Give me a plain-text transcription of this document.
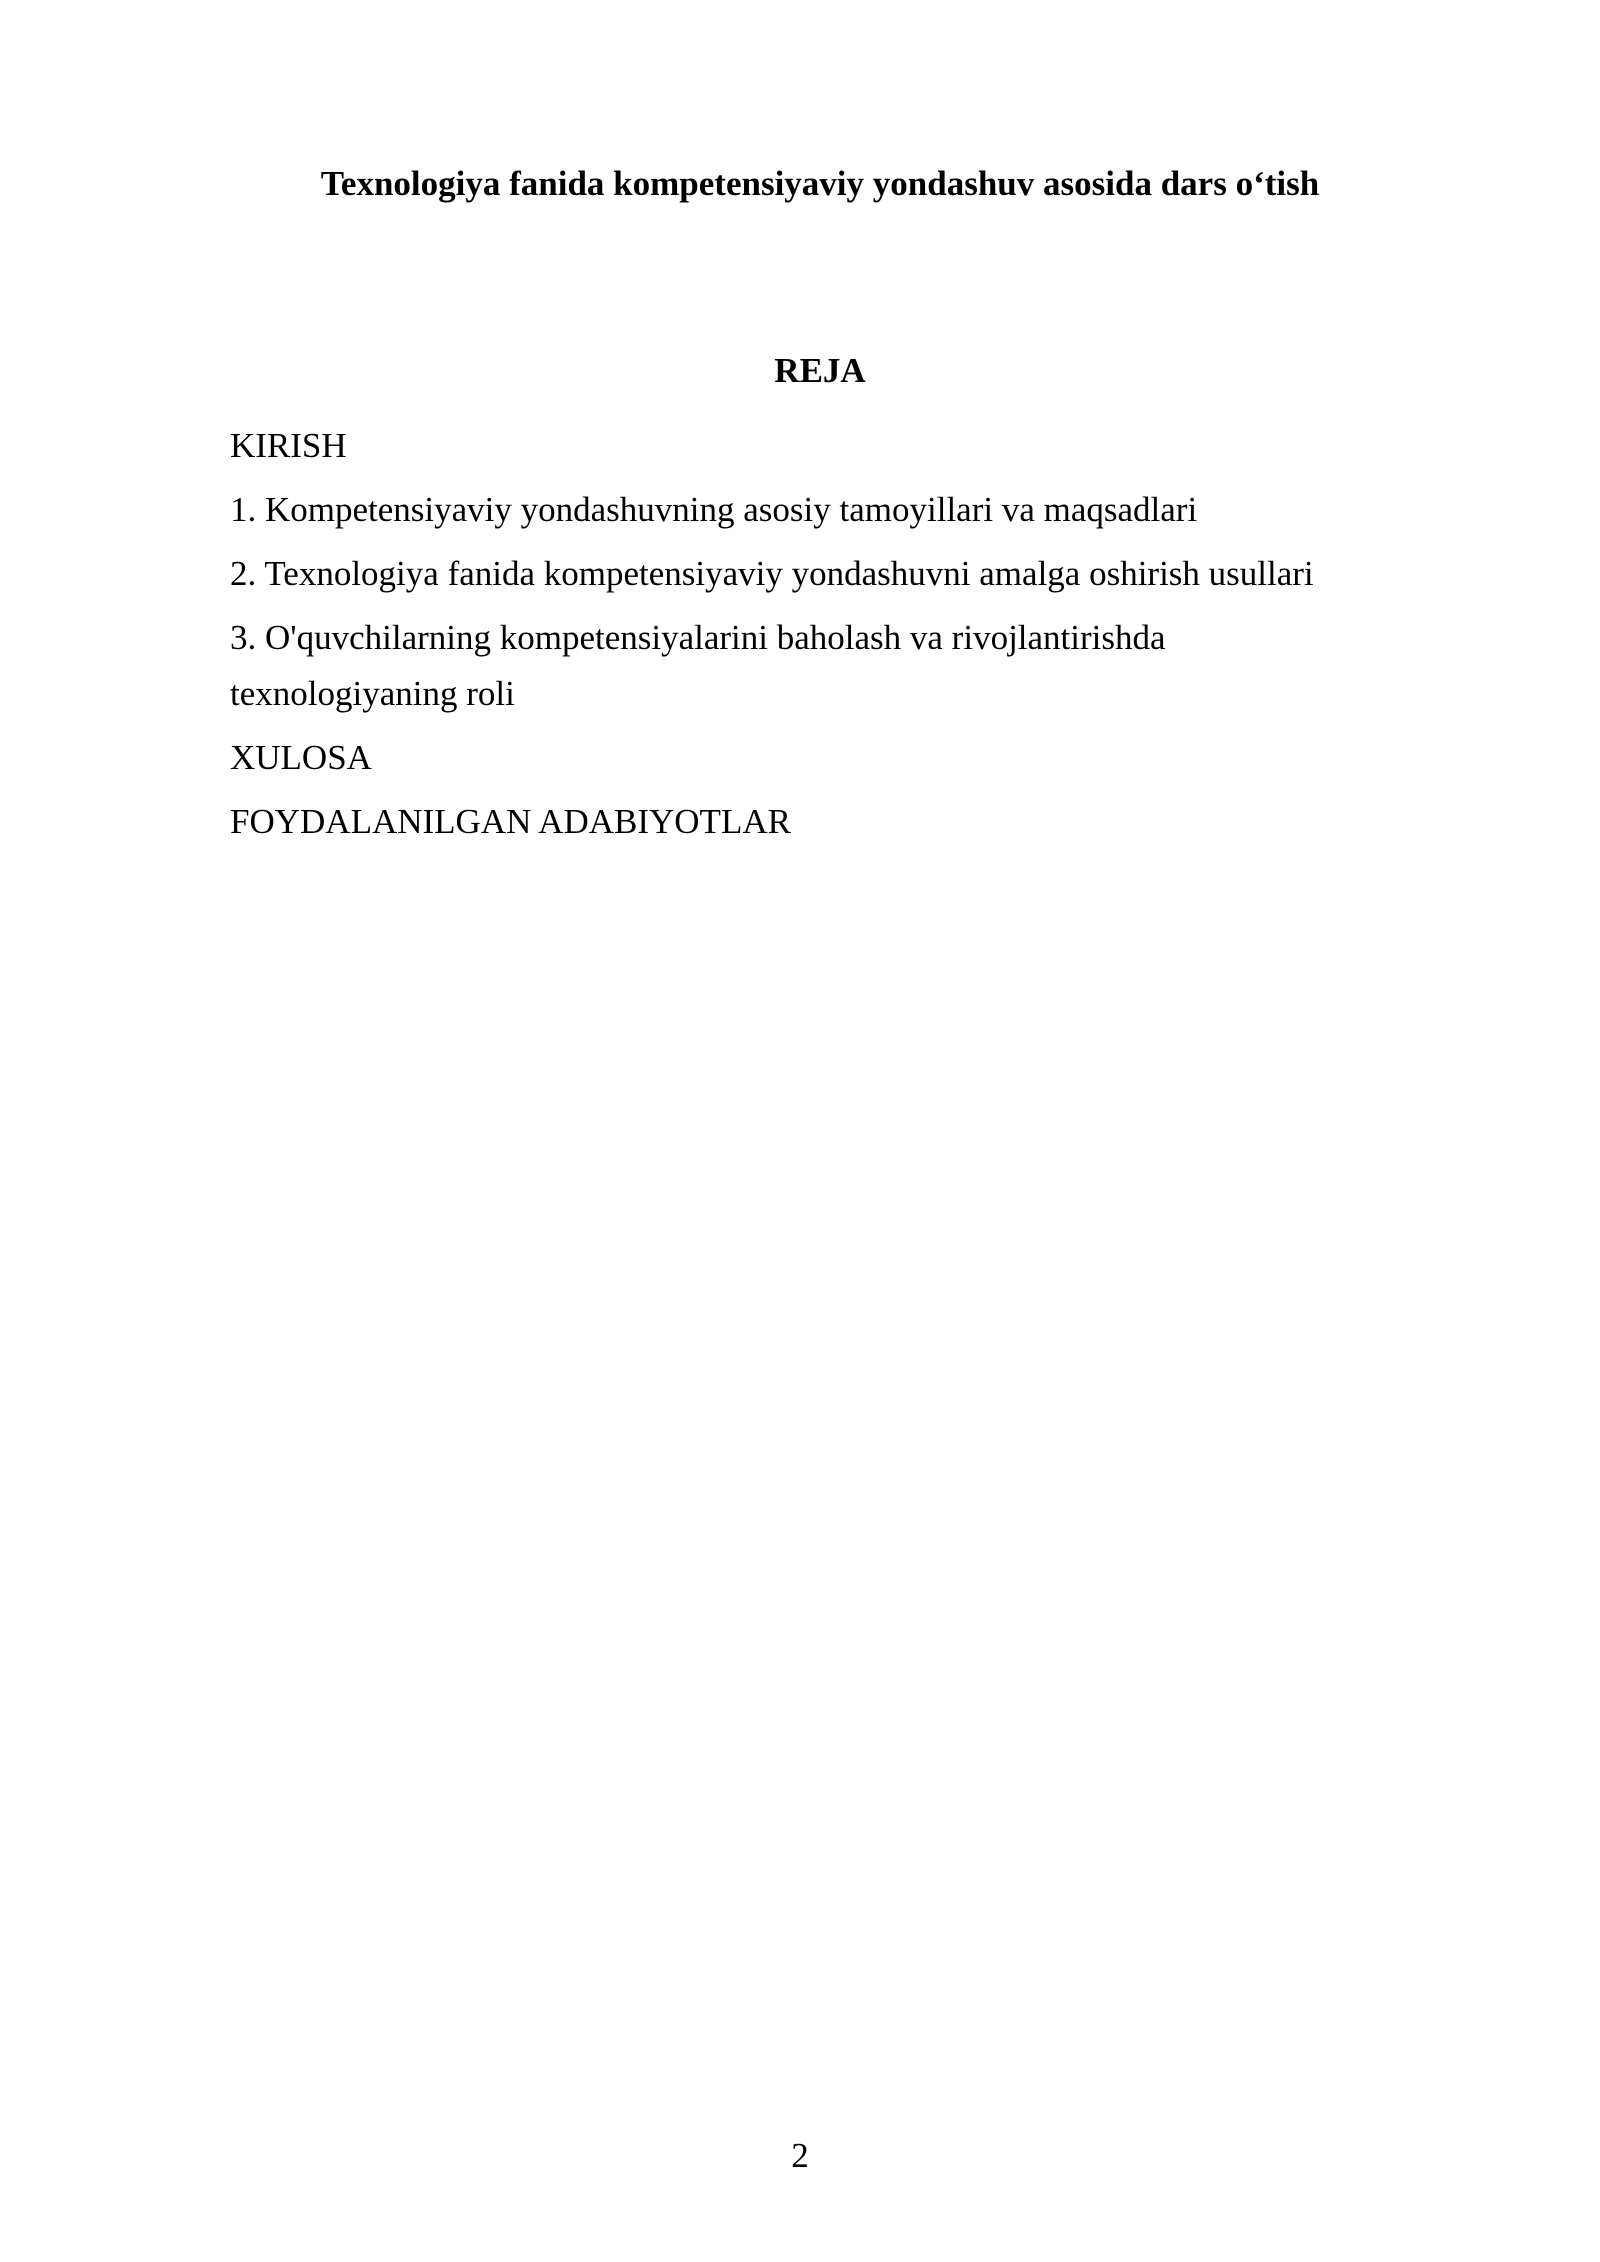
Texnologiya fanida kompetensiyaviy yondashuv asosida dars o‘tish
REJA
KIRISH
1. Kompetensiyaviy yondashuvning asosiy tamoyillari va maqsadlari
2. Texnologiya fanida kompetensiyaviy yondashuvni amalga oshirish usullari
3. O'quvchilarning kompetensiyalarini baholash va rivojlantirishda
texnologiyaning roli
XULOSA
FOYDALANILGAN ADABIYOTLAR
2
